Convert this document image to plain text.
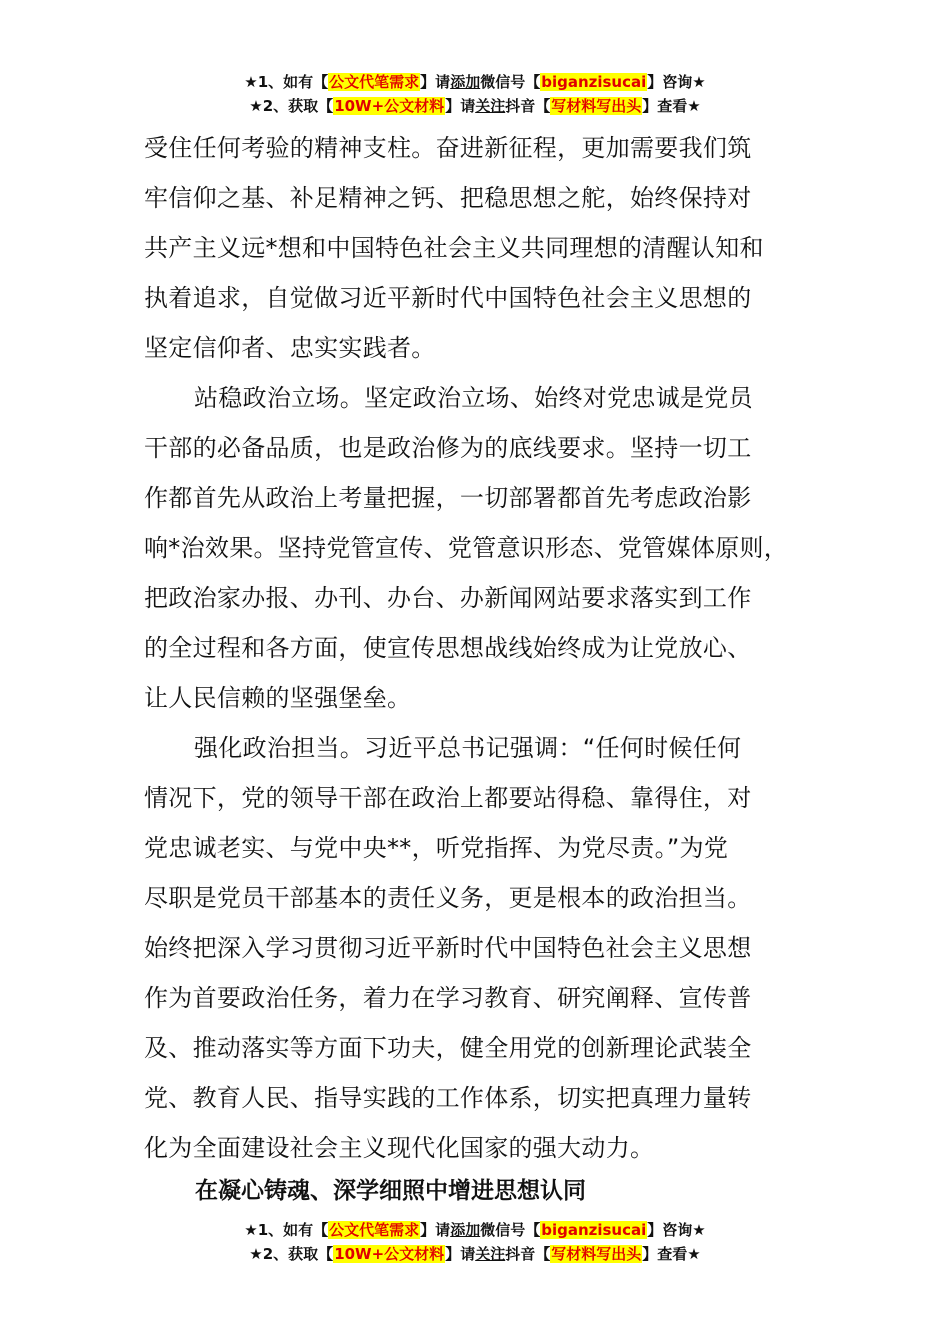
★1、如有【公文代笔需求】请添加微信号【biganzisucai】咨询★
★2、获取【10W+公文材料】请关注抖音【写材料写出头】查看★

受住任何考验的精神支柱。奋进新征程，更加需要我们筑
牢信仰之基、补足精神之钙、把稳思想之舵，始终保持对
共产主义远*想和中国特色社会主义共同理想的清醒认知和
执着追求，自觉做习近平新时代中国特色社会主义思想的
坚定信仰者、忠实实践者。

站稳政治立场。坚定政治立场、始终对党忠诚是党员
干部的必备品质，也是政治修为的底线要求。坚持一切工
作都首先从政治上考量把握，一切部署都首先考虑政治影
响*治效果。坚持党管宣传、党管意识形态、党管媒体原则，
把政治家办报、办刊、办台、办新闻网站要求落实到工作
的全过程和各方面，使宣传思想战线始终成为让党放心、
让人民信赖的坚强堡垒。

强化政治担当。习近平总书记强调：“任何时候任何
情况下，党的领导干部在政治上都要站得稳、靠得住，对
党忠诚老实、与党中央**，听党指挥、为党尽责。”为党
尽职是党员干部基本的责任义务，更是根本的政治担当。
始终把深入学习贯彻习近平新时代中国特色社会主义思想
作为首要政治任务，着力在学习教育、研究阐释、宣传普
及、推动落实等方面下功夫，健全用党的创新理论武装全
党、教育人民、指导实践的工作体系，切实把真理力量转
化为全面建设社会主义现代化国家的强大动力。

在凝心铸魂、深学细照中增进思想认同
★1、如有【公文代笔需求】请添加微信号【biganzisucai】咨询★
★2、获取【10W+公文材料】请关注抖音【写材料写出头】查看★
